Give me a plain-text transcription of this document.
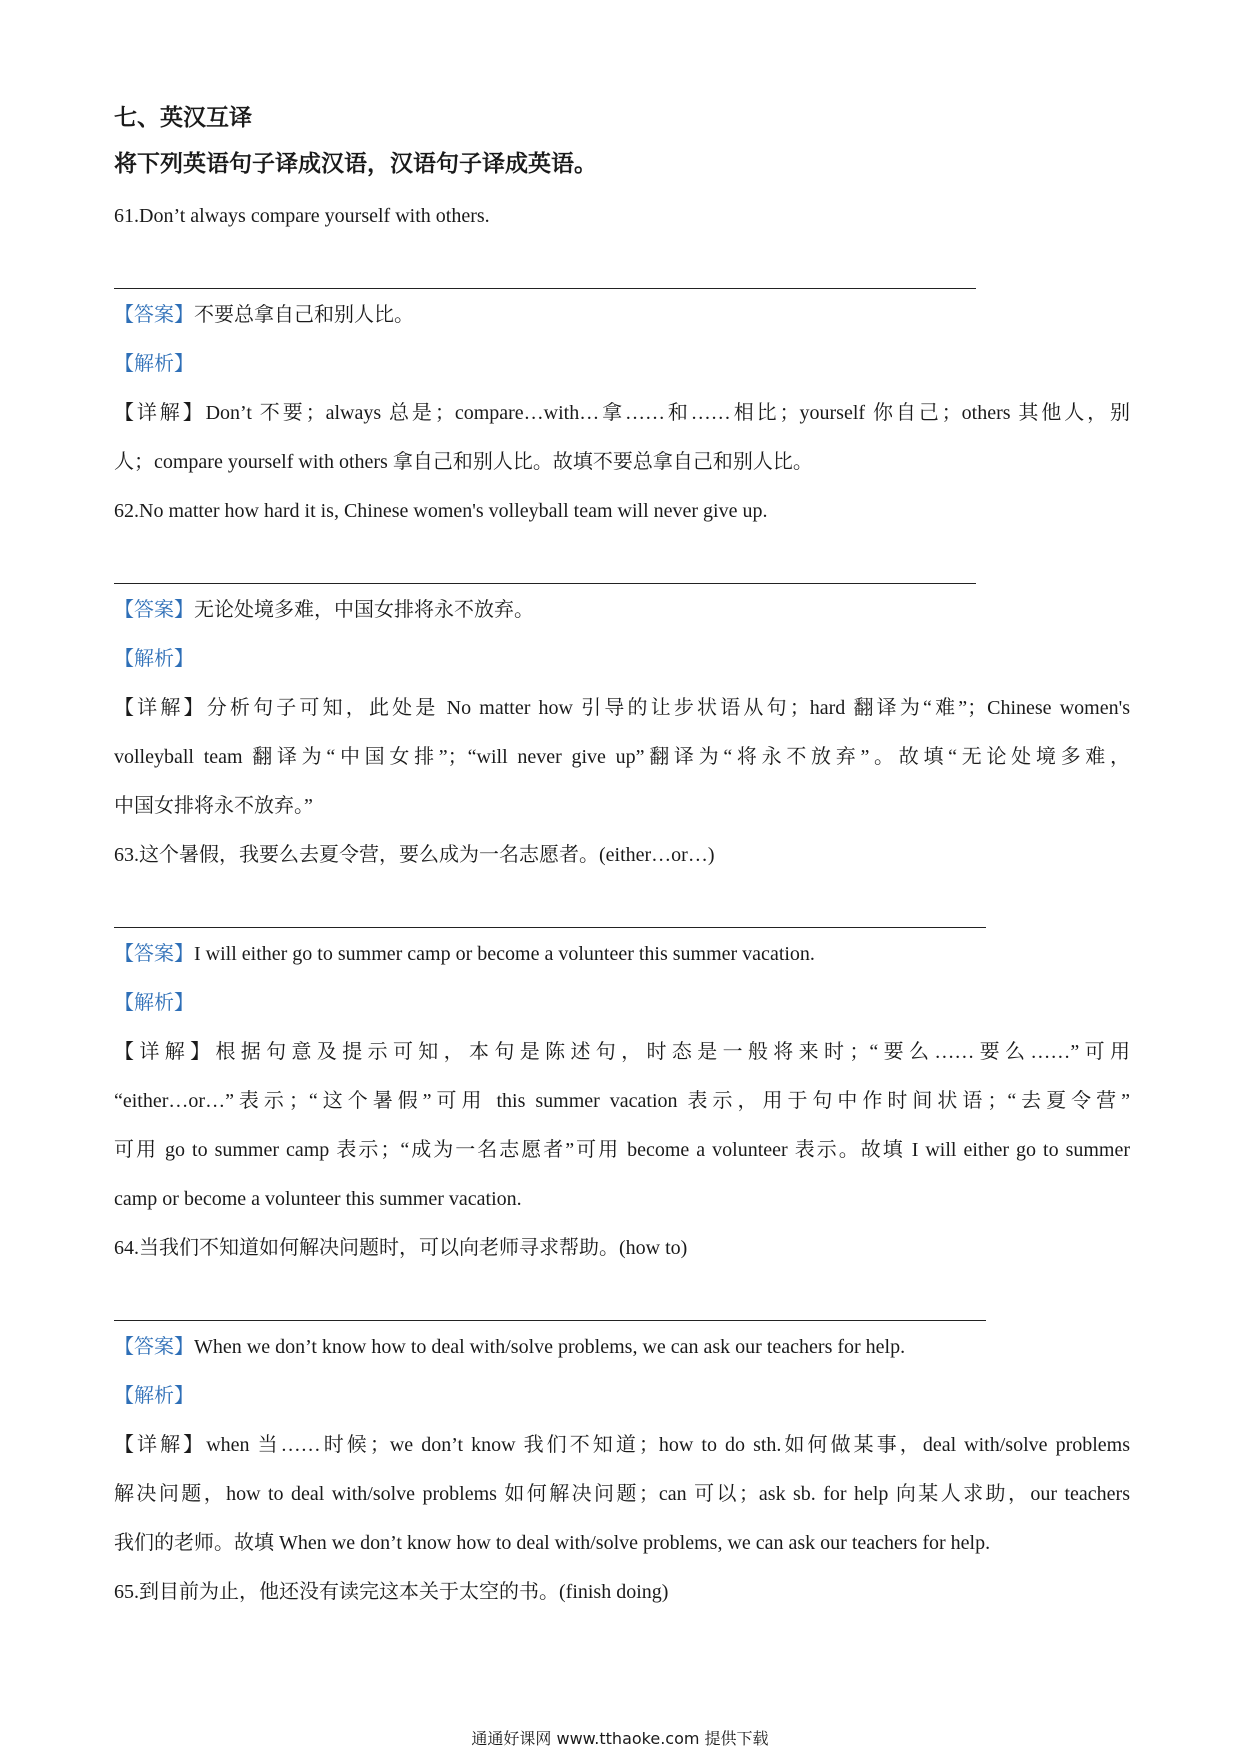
七、英汉互译
将下列英语句子译成汉语，汉语句子译成英语。
61.Don’t always compare yourself with others.
【答案】不要总拿自己和别人比。
【解析】
【详解】Don’t 不要；always 总是；compare…with…拿……和……相比；yourself 你自己；others 其他人，别
人；compare yourself with others 拿自己和别人比。故填不要总拿自己和别人比。
62.No matter how hard it is, Chinese women's volleyball team will never give up.
【答案】无论处境多难，中国女排将永不放弃。
【解析】
【详解】分析句子可知，此处是 No matter how 引导的让步状语从句；hard 翻译为“难”；Chinese women's
volleyball team 翻译为“中国女排”；“will never give up”翻译为“将永不放弃”。故填“无论处境多难，
中国女排将永不放弃。”
63.这个暑假，我要么去夏令营，要么成为一名志愿者。(either…or…)
【答案】I will either go to summer camp or become a volunteer this summer vacation.
【解析】
【详解】根据句意及提示可知，本句是陈述句，时态是一般将来时；“要么……要么……”可用
“either…or…”表示；“这个暑假”可用 this summer vacation 表示，用于句中作时间状语；“去夏令营”
可用 go to summer camp 表示；“成为一名志愿者”可用 become a volunteer 表示。故填 I will either go to summer
camp or become a volunteer this summer vacation.
64.当我们不知道如何解决问题时，可以向老师寻求帮助。(how to)
【答案】When we don’t know how to deal with/solve problems, we can ask our teachers for help.
【解析】
【详解】when 当……时候；we don’t know 我们不知道；how to do sth.如何做某事，deal with/solve problems
解决问题，how to deal with/solve problems 如何解决问题；can 可以；ask sb. for help 向某人求助，our teachers
我们的老师。故填 When we don’t know how to deal with/solve problems, we can ask our teachers for help.
65.到目前为止，他还没有读完这本关于太空的书。(finish doing)
通通好课网 www.tthaoke.com 提供下载
